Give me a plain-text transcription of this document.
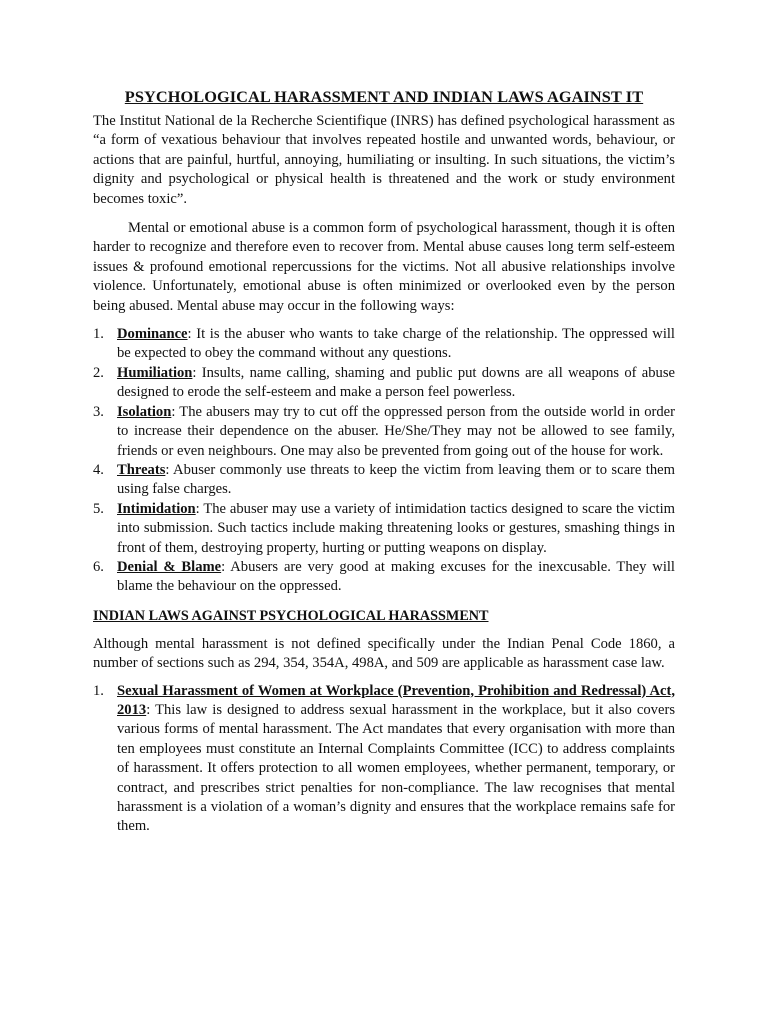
PSYCHOLOGICAL HARASSMENT AND INDIAN LAWS AGAINST IT

The Institut National de la Recherche Scientifique (INRS) has defined psychological harassment as “a form of vexatious behaviour that involves repeated hostile and unwanted words, behaviour, or actions that are painful, hurtful, annoying, humiliating or insulting. In such situations, the victim’s dignity and psychological or physical health is threatened and the work or study environment becomes toxic”.

Mental or emotional abuse is a common form of psychological harassment, though it is often harder to recognize and therefore even to recover from. Mental abuse causes long term self-esteem issues & profound emotional repercussions for the victims. Not all abusive relationships involve violence. Unfortunately, emotional abuse is often minimized or overlooked even by the person being abused. Mental abuse may occur in the following ways:

1. Dominance: It is the abuser who wants to take charge of the relationship. The oppressed will be expected to obey the command without any questions.
2. Humiliation: Insults, name calling, shaming and public put downs are all weapons of abuse designed to erode the self-esteem and make a person feel powerless.
3. Isolation: The abusers may try to cut off the oppressed person from the outside world in order to increase their dependence on the abuser. He/She/They may not be allowed to see family, friends or even neighbours. One may also be prevented from going out of the house for work.
4. Threats: Abuser commonly use threats to keep the victim from leaving them or to scare them using false charges.
5. Intimidation: The abuser may use a variety of intimidation tactics designed to scare the victim into submission. Such tactics include making threatening looks or gestures, smashing things in front of them, destroying property, hurting or putting weapons on display.
6. Denial & Blame: Abusers are very good at making excuses for the inexcusable. They will blame the behaviour on the oppressed.
INDIAN LAWS AGAINST PSYCHOLOGICAL HARASSMENT

Although mental harassment is not defined specifically under the Indian Penal Code 1860, a number of sections such as 294, 354, 354A, 498A, and 509 are applicable as harassment case law.

1. Sexual Harassment of Women at Workplace (Prevention, Prohibition and Redressal) Act, 2013: This law is designed to address sexual harassment in the workplace, but it also covers various forms of mental harassment. The Act mandates that every organisation with more than ten employees must constitute an Internal Complaints Committee (ICC) to address complaints of harassment. It offers protection to all women employees, whether permanent, temporary, or contract, and prescribes strict penalties for non-compliance. The law recognises that mental harassment is a violation of a woman’s dignity and ensures that the workplace remains safe for them.
